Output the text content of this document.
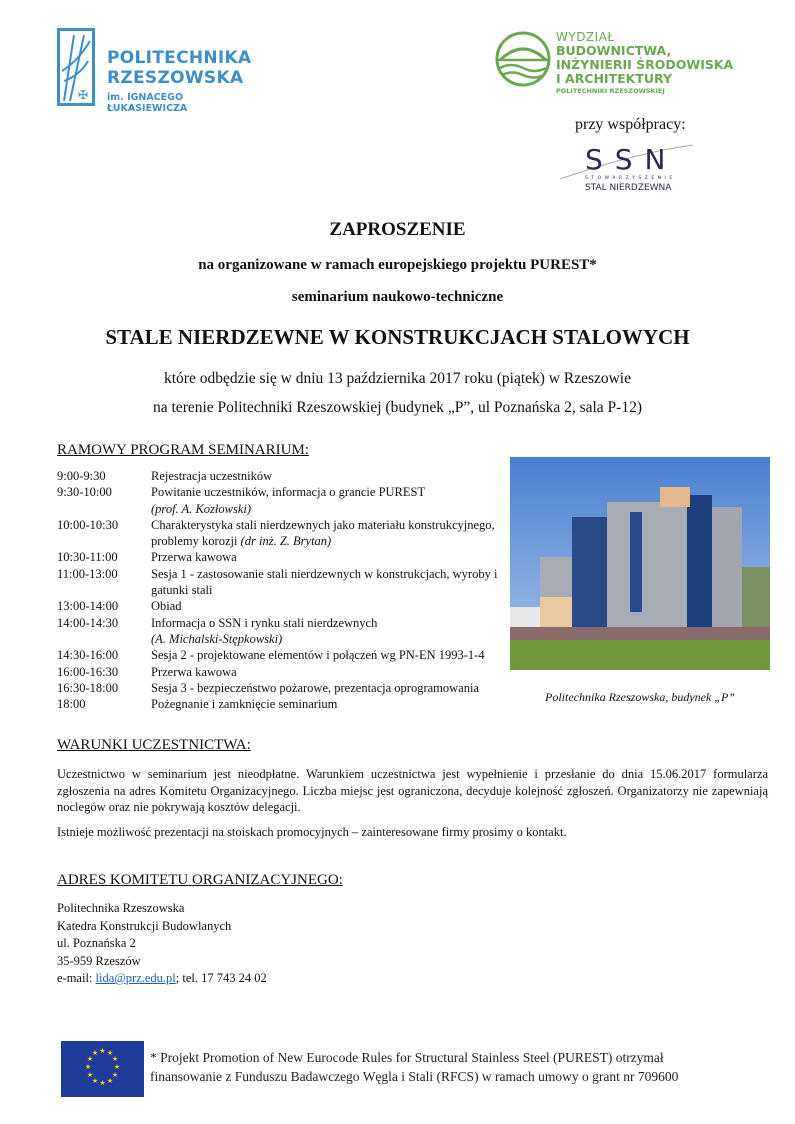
✠
POLITECHNIKA
RZESZOWSKA
im. IGNACEGO ŁUKASIEWICZA
WYDZIAŁ
BUDOWNICTWA,
INŻYNIERII ŚRODOWISKA
I ARCHITEKTURY
POLITECHNIKI RZESZOWSKIEJ
przy współpracy:
SSN
STOWARZYSZENIE
STAL NIERDZEWNA
ZAPROSZENIE
na organizowane w ramach europejskiego projektu PUREST*
seminarium naukowo-techniczne
STALE NIERDZEWNE W KONSTRUKCJACH STALOWYCH
które odbędzie się w dniu 13 października 2017 roku (piątek) w Rzeszowie
na terenie Politechniki Rzeszowskiej (budynek „P”, ul Poznańska 2, sala P-12)
RAMOWY PROGRAM SEMINARIUM:
9:00-9:30	Rejestracja uczestników
9:30-10:00	Powitanie uczestników, informacja o grancie PUREST
(prof. A. Kozłowski)
10:00-10:30	Charakterystyka stali nierdzewnych jako materiału konstrukcyjnego, problemy korozji (dr inż. Z. Brytan)
10:30-11:00	Przerwa kawowa
11:00-13:00	Sesja 1 - zastosowanie stali nierdzewnych w konstrukcjach, wyroby i gatunki stali
13:00-14:00	Obiad
14:00-14:30	Informacja o SSN i rynku stali nierdzewnych
(A. Michalski-Stępkowski)
14:30-16:00	Sesja 2 - projektowane elementów i połączeń wg PN-EN 1993-1-4
16:00-16:30	Przerwa kawowa
16:30-18:00	Sesja 3 - bezpieczeństwo pożarowe, prezentacja oprogramowania
18:00	Pożegnanie i zamknięcie seminarium
Politechnika Rzeszowska, budynek „P”
WARUNKI UCZESTNICTWA:
Uczestnictwo w seminarium jest nieodpłatne. Warunkiem uczestnictwa jest wypełnienie i przesłanie do dnia 15.06.2017 formularza zgłoszenia na adres Komitetu Organizacyjnego. Liczba miejsc jest ograniczona, decyduje kolejność zgłoszeń. Organizatorzy nie zapewniają noclegów oraz nie pokrywają kosztów delegacji.
Istnieje możliwość prezentacji na stoiskach promocyjnych – zainteresowane firmy prosimy o kontakt.
ADRES KOMITETU ORGANIZACYJNEGO:
Politechnika Rzeszowska
Katedra Konstrukcji Budowlanych
ul. Poznańska 2
35-959 Rzeszów
e-mail: lida@prz.edu.pl; tel. 17 743 24 02
★ ★
★
★
★
★
★
★
★
★
★
★	* Projekt Promotion of New Eurocode Rules for Structural Stainless Steel (PUREST) otrzymał
finansowanie z Funduszu Badawczego Węgla i Stali (RFCS) w ramach umowy o grant nr 709600
